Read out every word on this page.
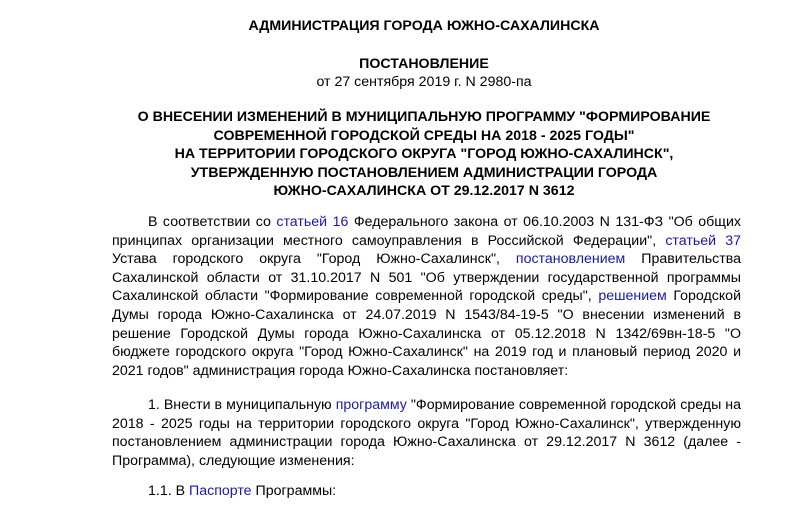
АДМИНИСТРАЦИЯ ГОРОДА ЮЖНО-САХАЛИНСКА
ПОСТАНОВЛЕНИЕ
от 27 сентября 2019 г. N 2980-па
О ВНЕСЕНИИ ИЗМЕНЕНИЙ В МУНИЦИПАЛЬНУЮ ПРОГРАММУ "ФОРМИРОВАНИЕ
СОВРЕМЕННОЙ ГОРОДСКОЙ СРЕДЫ НА 2018 - 2025 ГОДЫ"
НА ТЕРРИТОРИИ ГОРОДСКОГО ОКРУГА "ГОРОД ЮЖНО-САХАЛИНСК",
УТВЕРЖДЕННУЮ ПОСТАНОВЛЕНИЕМ АДМИНИСТРАЦИИ ГОРОДА
ЮЖНО-САХАЛИНСКА ОТ 29.12.2017 N 3612
В соответствии со статьей 16 Федерального закона от 06.10.2003 N 131-ФЗ "Об общих принципах организации местного самоуправления в Российской Федерации", статьей 37 Устава городского округа "Город Южно-Сахалинск", постановлением Правительства Сахалинской области от 31.10.2017 N 501 "Об утверждении государственной программы Сахалинской области "Формирование современной городской среды", решением Городской Думы города Южно-Сахалинска от 24.07.2019 N 1543/84-19-5 "О внесении изменений в решение Городской Думы города Южно-Сахалинска от 05.12.2018 N 1342/69вн-18-5 "О бюджете городского округа "Город Южно-Сахалинск" на 2019 год и плановый период 2020 и 2021 годов" администрация города Южно-Сахалинска постановляет:
1. Внести в муниципальную программу "Формирование современной городской среды на 2018 - 2025 годы на территории городского округа "Город Южно-Сахалинск", утвержденную постановлением администрации города Южно-Сахалинска от 29.12.2017 N 3612 (далее - Программа), следующие изменения:
1.1. В Паспорте Программы:
